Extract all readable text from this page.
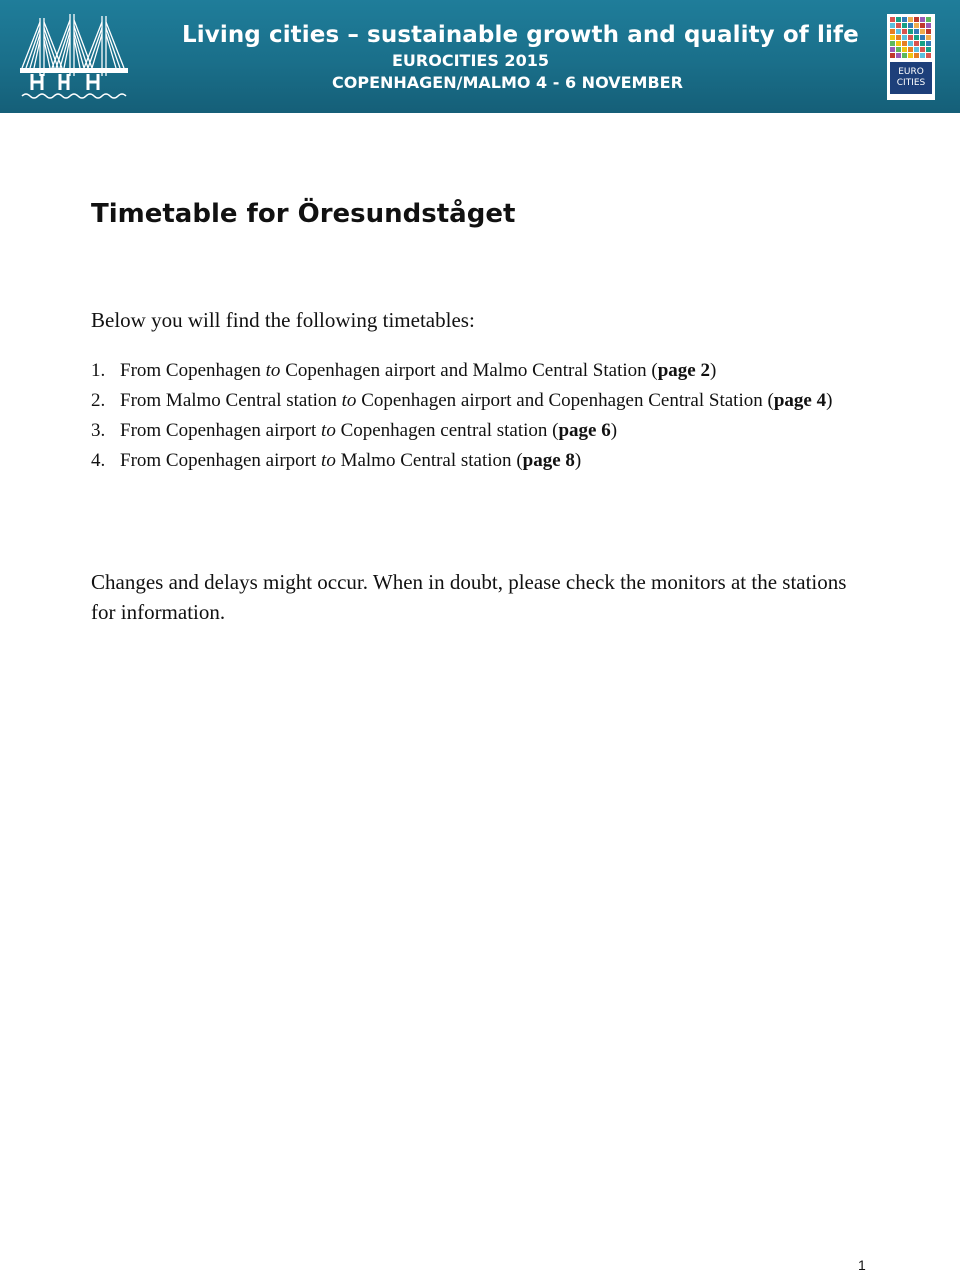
Living cities – sustainable growth and quality of life
EUROCITIES 2015
COPENHAGEN/MALMO 4 - 6 NOVEMBER
EURO
CITIES
Timetable for Öresundståget

Below you will find the following timetables:

1. From Copenhagen to Copenhagen airport and Malmo Central Station (page 2)
2. From Malmo Central station to Copenhagen airport and Copenhagen Central Station (page 4)
3. From Copenhagen airport to Copenhagen central station (page 6)
4. From Copenhagen airport to Malmo Central station (page 8)

Changes and delays might occur. When in doubt, please check the monitors at the stations for information.

1
